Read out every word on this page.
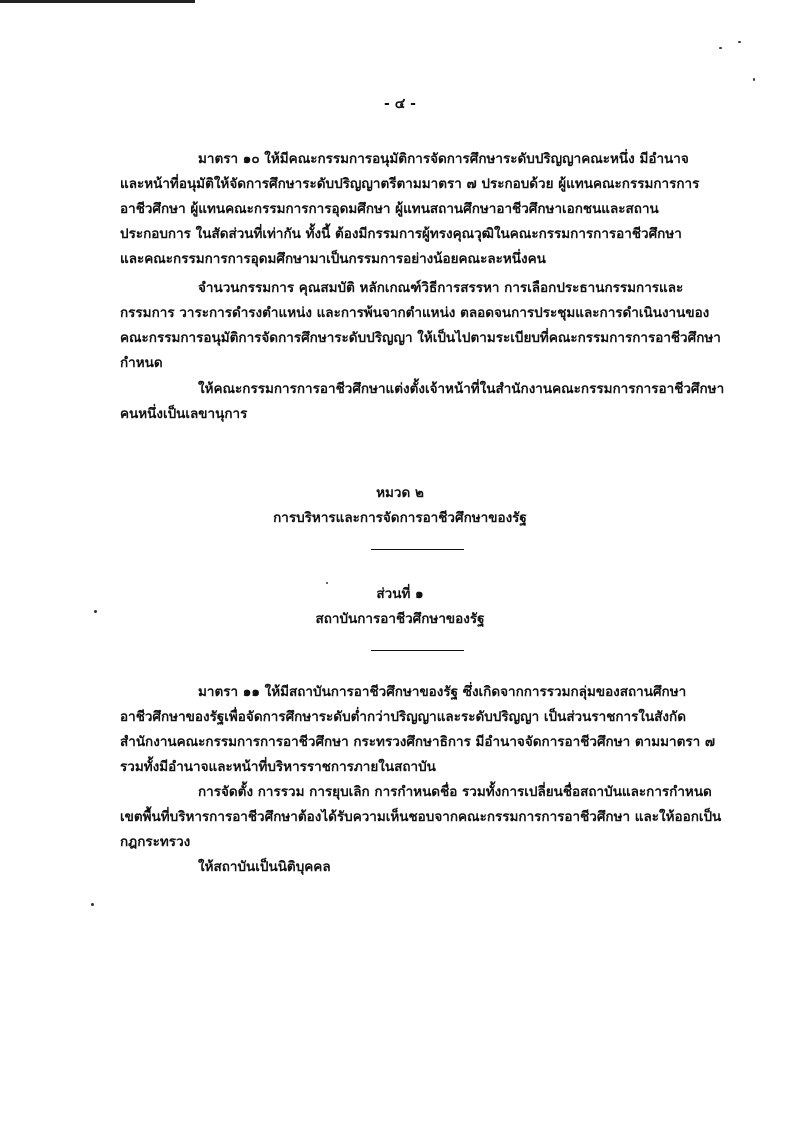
- ๔ -

มาตรา ๑๐ ให้มีคณะกรรมการอนุมัติการจัดการศึกษาระดับปริญญาคณะหนึ่ง มีอำนาจ
และหน้าที่อนุมัติให้จัดการศึกษาระดับปริญญาตรีตามมาตรา ๗ ประกอบด้วย ผู้แทนคณะกรรมการการ
อาชีวศึกษา ผู้แทนคณะกรรมการการอุดมศึกษา ผู้แทนสถานศึกษาอาชีวศึกษาเอกชนและสถาน
ประกอบการ ในสัดส่วนที่เท่ากัน ทั้งนี้ ต้องมีกรรมการผู้ทรงคุณวุฒิในคณะกรรมการการอาชีวศึกษา
และคณะกรรมการการอุดมศึกษามาเป็นกรรมการอย่างน้อยคณะละหนึ่งคน

จำนวนกรรมการ คุณสมบัติ หลักเกณฑ์วิธีการสรรหา การเลือกประธานกรรมการและ
กรรมการ วาระการดำรงตำแหน่ง และการพ้นจากตำแหน่ง ตลอดจนการประชุมและการดำเนินงานของ
คณะกรรมการอนุมัติการจัดการศึกษาระดับปริญญา ให้เป็นไปตามระเบียบที่คณะกรรมการการอาชีวศึกษา
กำหนด

ให้คณะกรรมการการอาชีวศึกษาแต่งตั้งเจ้าหน้าที่ในสำนักงานคณะกรรมการการอาชีวศึกษา
คนหนึ่งเป็นเลขานุการ

หมวด ๒
การบริหารและการจัดการอาชีวศึกษาของรัฐ
ส่วนที่ ๑
สถาบันการอาชีวศึกษาของรัฐ

มาตรา ๑๑ ให้มีสถาบันการอาชีวศึกษาของรัฐ ซึ่งเกิดจากการรวมกลุ่มของสถานศึกษา
อาชีวศึกษาของรัฐเพื่อจัดการศึกษาระดับต่ำกว่าปริญญาและระดับปริญญา เป็นส่วนราชการในสังกัด
สำนักงานคณะกรรมการการอาชีวศึกษา กระทรวงศึกษาธิการ มีอำนาจจัดการอาชีวศึกษา ตามมาตรา ๗
รวมทั้งมีอำนาจและหน้าที่บริหารราชการภายในสถาบัน

การจัดตั้ง การรวม การยุบเลิก การกำหนดชื่อ รวมทั้งการเปลี่ยนชื่อสถาบันและการกำหนด
เขตพื้นที่บริหารการอาชีวศึกษาต้องได้รับความเห็นชอบจากคณะกรรมการการอาชีวศึกษา และให้ออกเป็น
กฎกระทรวง

ให้สถาบันเป็นนิติบุคคล
